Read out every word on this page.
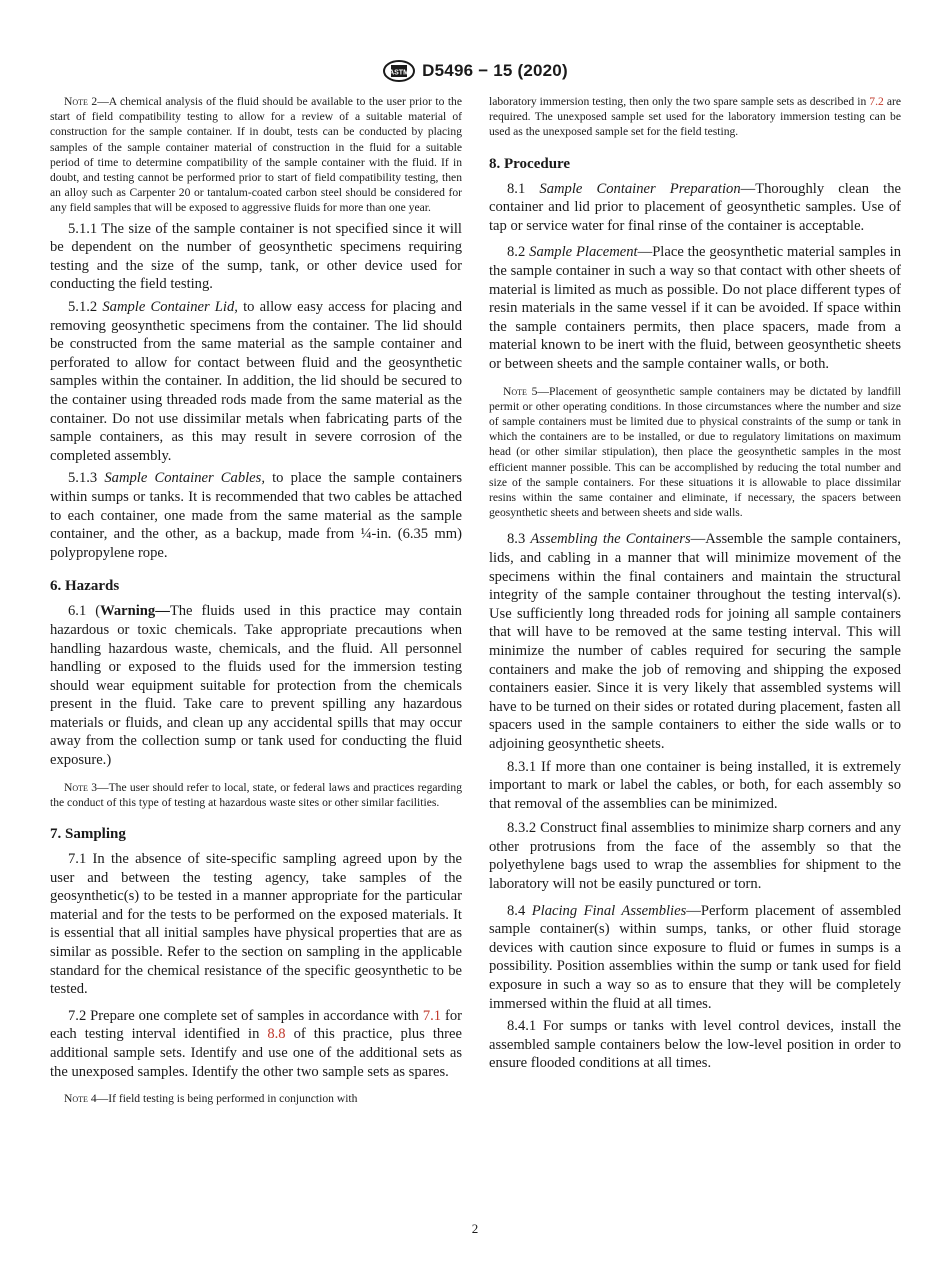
ASTM D5496 − 15 (2020)

Note 2—A chemical analysis of the fluid should be available to the user prior to the start of field compatibility testing to allow for a review of a suitable material of construction for the sample container. If in doubt, tests can be conducted by placing samples of the sample container material of construction in the fluid for a suitable period of time to determine compatibility of the sample container with the fluid. If in doubt, and testing cannot be performed prior to start of field compatibility testing, then an alloy such as Carpenter 20 or tantalum-coated carbon steel should be considered for any field samples that will be exposed to aggressive fluids for more than one year.

5.1.1 The size of the sample container is not specified since it will be dependent on the number of geosynthetic specimens requiring testing and the size of the sump, tank, or other device used for conducting the field testing.

5.1.2 Sample Container Lid, to allow easy access for placing and removing geosynthetic specimens from the container. The lid should be constructed from the same material as the sample container and perforated to allow for contact between fluid and the geosynthetic samples within the container. In addition, the lid should be secured to the container using threaded rods made from the same material as the container. Do not use dissimilar metals when fabricating parts of the sample containers, as this may result in severe corrosion of the completed assembly.

5.1.3 Sample Container Cables, to place the sample containers within sumps or tanks. It is recommended that two cables be attached to each container, one made from the same material as the sample container, and the other, as a backup, made from ¼-in. (6.35 mm) polypropylene rope.

6. Hazards

6.1 (Warning—The fluids used in this practice may contain hazardous or toxic chemicals. Take appropriate precautions when handling hazardous waste, chemicals, and the fluid. All personnel handling or exposed to the fluids used for the immersion testing should wear equipment suitable for protection from the chemicals present in the fluid. Take care to prevent spilling any hazardous materials or fluids, and clean up any accidental spills that may occur away from the collection sump or tank used for conducting the fluid exposure.)

Note 3—The user should refer to local, state, or federal laws and practices regarding the conduct of this type of testing at hazardous waste sites or other similar facilities.

7. Sampling

7.1 In the absence of site-specific sampling agreed upon by the user and between the testing agency, take samples of the geosynthetic(s) to be tested in a manner appropriate for the particular material and for the tests to be performed on the exposed materials. It is essential that all initial samples have physical properties that are as similar as possible. Refer to the section on sampling in the applicable standard for the chemical resistance of the specific geosynthetic to be tested.

7.2 Prepare one complete set of samples in accordance with 7.1 for each testing interval identified in 8.8 of this practice, plus three additional sample sets. Identify and use one of the additional sets as the unexposed samples. Identify the other two sample sets as spares.

Note 4—If field testing is being performed in conjunction with

laboratory immersion testing, then only the two spare sample sets as described in 7.2 are required. The unexposed sample set used for the laboratory immersion testing can be used as the unexposed sample set for the field testing.

8. Procedure

8.1 Sample Container Preparation—Thoroughly clean the container and lid prior to placement of geosynthetic samples. Use of tap or service water for final rinse of the container is acceptable.

8.2 Sample Placement—Place the geosynthetic material samples in the sample container in such a way so that contact with other sheets of material is limited as much as possible. Do not place different types of resin materials in the same vessel if it can be avoided. If space within the sample containers permits, then place spacers, made from a material known to be inert with the fluid, between geosynthetic sheets or between sheets and the sample container walls, or both.

Note 5—Placement of geosynthetic sample containers may be dictated by landfill permit or other operating conditions. In those circumstances where the number and size of sample containers must be limited due to physical constraints of the sump or tank in which the containers are to be installed, or due to regulatory limitations on maximum head (or other similar stipulation), then place the geosynthetic samples in the most efficient manner possible. This can be accomplished by reducing the total number and size of the sample containers. For these situations it is allowable to place dissimilar resins within the same container and eliminate, if necessary, the spacers between geosynthetic sheets and between sheets and side walls.

8.3 Assembling the Containers—Assemble the sample containers, lids, and cabling in a manner that will minimize movement of the specimens within the final containers and maintain the structural integrity of the sample container throughout the testing interval(s). Use sufficiently long threaded rods for joining all sample containers that will have to be removed at the same testing interval. This will minimize the number of cables required for securing the sample containers and make the job of removing and shipping the exposed containers easier. Since it is very likely that assembled systems will have to be turned on their sides or rotated during placement, fasten all spacers used in the sample containers to either the side walls or to adjoining geosynthetic sheets.

8.3.1 If more than one container is being installed, it is extremely important to mark or label the cables, or both, for each assembly so that removal of the assemblies can be minimized.

8.3.2 Construct final assemblies to minimize sharp corners and any other protrusions from the face of the assembly so that the polyethylene bags used to wrap the assemblies for shipment to the laboratory will not be easily punctured or torn.

8.4 Placing Final Assemblies—Perform placement of assembled sample container(s) within sumps, tanks, or other fluid storage devices with caution since exposure to fluid or fumes in sumps is a possibility. Position assemblies within the sump or tank used for field exposure in such a way so as to ensure that they will be completely immersed within the fluid at all times.

8.4.1 For sumps or tanks with level control devices, install the assembled sample containers below the low-level position in order to ensure flooded conditions at all times.

2
